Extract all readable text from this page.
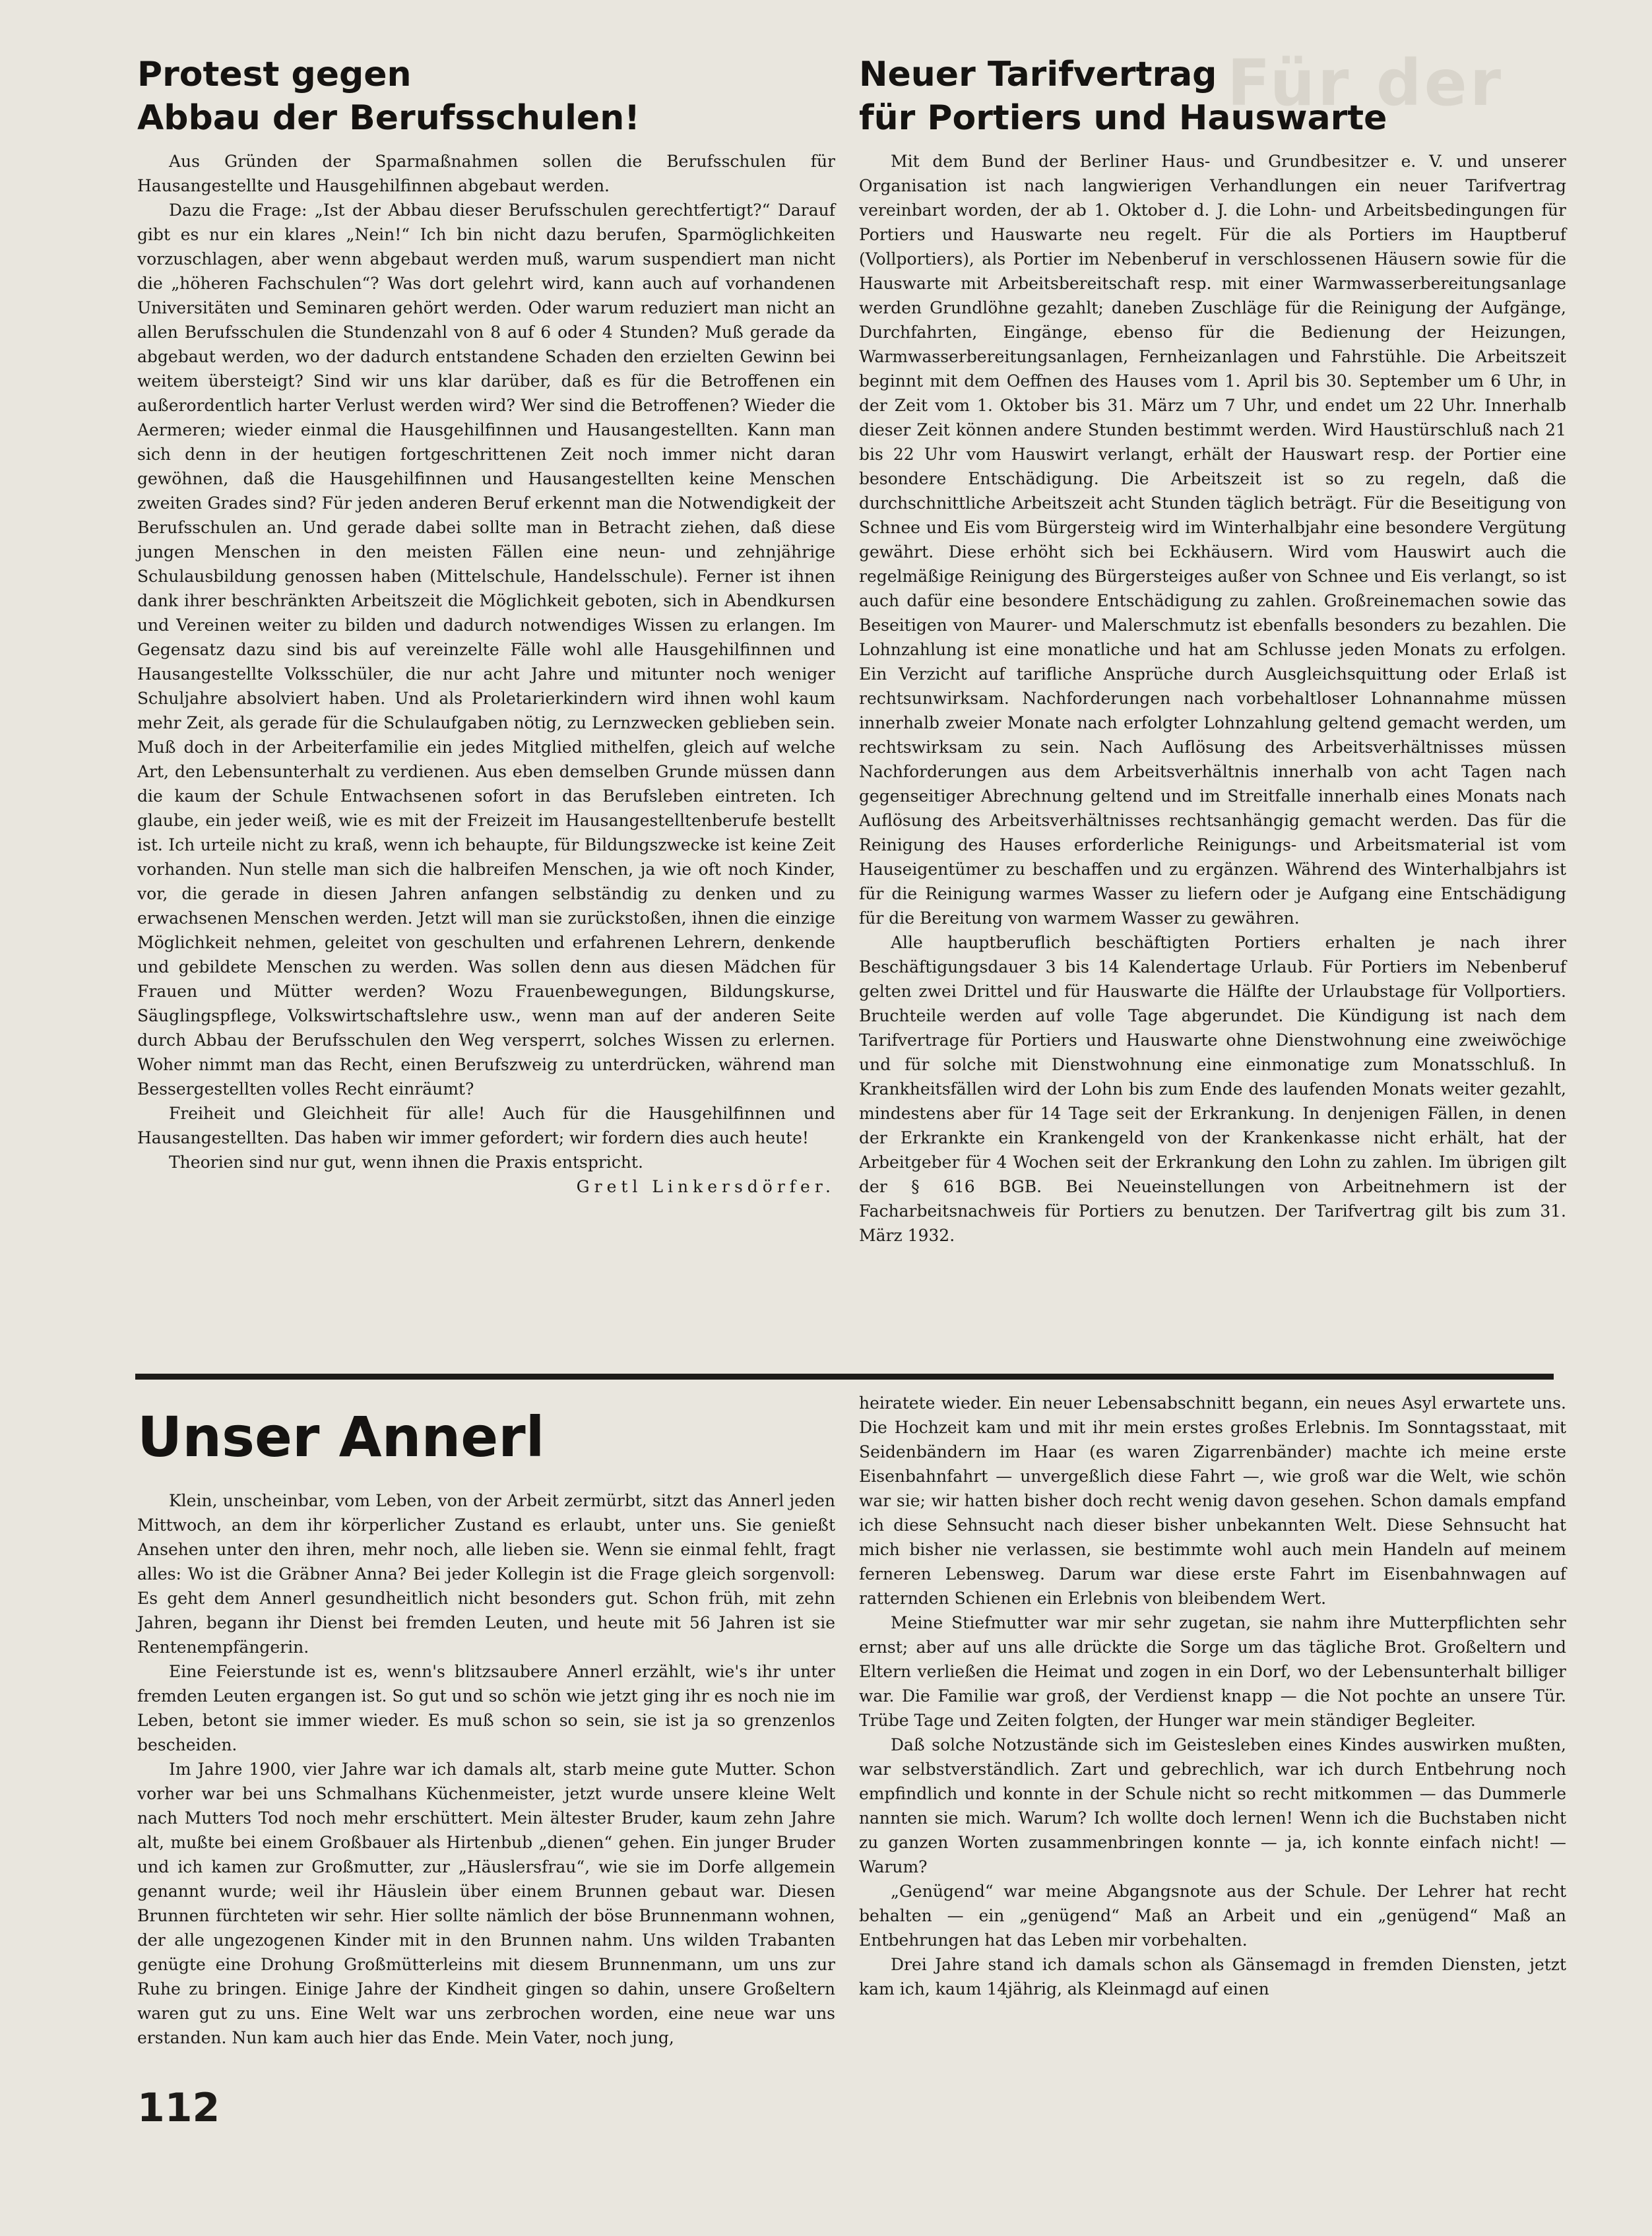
Für der
Protest gegen
Abbau der Berufsschulen!

Aus Gründen der Sparmaßnahmen sollen die Berufsschulen für Hausangestellte und Hausgehilfinnen abgebaut werden.

Dazu die Frage: „Ist der Abbau dieser Berufsschulen gerechtfertigt?“ Darauf gibt es nur ein klares „Nein!“ Ich bin nicht dazu berufen, Sparmöglichkeiten vorzuschlagen, aber wenn abgebaut werden muß, warum suspendiert man nicht die „höheren Fachschulen“? Was dort gelehrt wird, kann auch auf vorhandenen Universitäten und Seminaren gehört werden. Oder warum reduziert man nicht an allen Berufsschulen die Stundenzahl von 8 auf 6 oder 4 Stunden? Muß gerade da abgebaut werden, wo der dadurch entstandene Schaden den erzielten Gewinn bei weitem übersteigt? Sind wir uns klar darüber, daß es für die Betroffenen ein außerordentlich harter Verlust werden wird? Wer sind die Betroffenen? Wieder die Aermeren; wieder einmal die Hausgehilfinnen und Hausangestellten. Kann man sich denn in der heutigen fortgeschrittenen Zeit noch immer nicht daran gewöhnen, daß die Hausgehilfinnen und Hausangestellten keine Menschen zweiten Grades sind? Für jeden anderen Beruf erkennt man die Notwendigkeit der Berufsschulen an. Und gerade dabei sollte man in Betracht ziehen, daß diese jungen Menschen in den meisten Fällen eine neun- und zehnjährige Schulausbildung genossen haben (Mittelschule, Handelsschule). Ferner ist ihnen dank ihrer beschränkten Arbeitszeit die Möglichkeit geboten, sich in Abendkursen und Vereinen weiter zu bilden und dadurch notwendiges Wissen zu erlangen. Im Gegensatz dazu sind bis auf vereinzelte Fälle wohl alle Hausgehilfinnen und Hausangestellte Volksschüler, die nur acht Jahre und mitunter noch weniger Schuljahre absolviert haben. Und als Proletarierkindern wird ihnen wohl kaum mehr Zeit, als gerade für die Schulaufgaben nötig, zu Lernzwecken geblieben sein. Muß doch in der Arbeiterfamilie ein jedes Mitglied mithelfen, gleich auf welche Art, den Lebensunterhalt zu verdienen. Aus eben demselben Grunde müssen dann die kaum der Schule Entwachsenen sofort in das Berufsleben eintreten. Ich glaube, ein jeder weiß, wie es mit der Freizeit im Hausangestelltenberufe bestellt ist. Ich urteile nicht zu kraß, wenn ich behaupte, für Bildungszwecke ist keine Zeit vorhanden. Nun stelle man sich die halbreifen Menschen, ja wie oft noch Kinder, vor, die gerade in diesen Jahren anfangen selbständig zu denken und zu erwachsenen Menschen werden. Jetzt will man sie zurückstoßen, ihnen die einzige Möglichkeit nehmen, geleitet von geschulten und erfahrenen Lehrern, denkende und gebildete Menschen zu werden. Was sollen denn aus diesen Mädchen für Frauen und Mütter werden? Wozu Frauenbewegungen, Bildungskurse, Säuglingspflege, Volkswirtschaftslehre usw., wenn man auf der anderen Seite durch Abbau der Berufsschulen den Weg versperrt, solches Wissen zu erlernen. Woher nimmt man das Recht, einen Berufszweig zu unterdrücken, während man Bessergestellten volles Recht einräumt?

Freiheit und Gleichheit für alle! Auch für die Hausgehilfinnen und Hausangestellten. Das haben wir immer gefordert; wir fordern dies auch heute!

Theorien sind nur gut, wenn ihnen die Praxis entspricht.

Gretl Linkersdörfer.

Neuer Tarifvertrag
für Portiers und Hauswarte

Mit dem Bund der Berliner Haus- und Grundbesitzer e. V. und unserer Organisation ist nach langwierigen Verhandlungen ein neuer Tarifvertrag vereinbart worden, der ab 1. Oktober d. J. die Lohn- und Arbeitsbedingungen für Portiers und Hauswarte neu regelt. Für die als Portiers im Hauptberuf (Vollportiers), als Portier im Nebenberuf in verschlossenen Häusern sowie für die Hauswarte mit Arbeitsbereitschaft resp. mit einer Warmwasserbereitungsanlage werden Grundlöhne gezahlt; daneben Zuschläge für die Reinigung der Aufgänge, Durchfahrten, Eingänge, ebenso für die Bedienung der Heizungen, Warmwasserbereitungsanlagen, Fernheizanlagen und Fahrstühle. Die Arbeitszeit beginnt mit dem Oeffnen des Hauses vom 1. April bis 30. September um 6 Uhr, in der Zeit vom 1. Oktober bis 31. März um 7 Uhr, und endet um 22 Uhr. Innerhalb dieser Zeit können andere Stunden bestimmt werden. Wird Haustürschluß nach 21 bis 22 Uhr vom Hauswirt verlangt, erhält der Hauswart resp. der Portier eine besondere Entschädigung. Die Arbeitszeit ist so zu regeln, daß die durchschnittliche Arbeitszeit acht Stunden täglich beträgt. Für die Beseitigung von Schnee und Eis vom Bürgersteig wird im Winterhalbjahr eine besondere Vergütung gewährt. Diese erhöht sich bei Eckhäusern. Wird vom Hauswirt auch die regelmäßige Reinigung des Bürgersteiges außer von Schnee und Eis verlangt, so ist auch dafür eine besondere Entschädigung zu zahlen. Großreinemachen sowie das Beseitigen von Maurer- und Malerschmutz ist ebenfalls besonders zu bezahlen. Die Lohnzahlung ist eine monatliche und hat am Schlusse jeden Monats zu erfolgen. Ein Verzicht auf tarifliche Ansprüche durch Ausgleichsquittung oder Erlaß ist rechtsunwirksam. Nachforderungen nach vorbehaltloser Lohnannahme müssen innerhalb zweier Monate nach erfolgter Lohnzahlung geltend gemacht werden, um rechtswirksam zu sein. Nach Auflösung des Arbeitsverhältnisses müssen Nachforderungen aus dem Arbeitsverhältnis innerhalb von acht Tagen nach gegenseitiger Abrechnung geltend und im Streitfalle innerhalb eines Monats nach Auflösung des Arbeitsverhältnisses rechtsanhängig gemacht werden. Das für die Reinigung des Hauses erforderliche Reinigungs- und Arbeitsmaterial ist vom Hauseigentümer zu beschaffen und zu ergänzen. Während des Winterhalbjahrs ist für die Reinigung warmes Wasser zu liefern oder je Aufgang eine Entschädigung für die Bereitung von warmem Wasser zu gewähren.

Alle hauptberuflich beschäftigten Portiers erhalten je nach ihrer Beschäftigungsdauer 3 bis 14 Kalendertage Urlaub. Für Portiers im Nebenberuf gelten zwei Drittel und für Hauswarte die Hälfte der Urlaubstage für Vollportiers. Bruchteile werden auf volle Tage abgerundet. Die Kündigung ist nach dem Tarifvertrage für Portiers und Hauswarte ohne Dienstwohnung eine zweiwöchige und für solche mit Dienstwohnung eine einmonatige zum Monatsschluß. In Krankheitsfällen wird der Lohn bis zum Ende des laufenden Monats weiter gezahlt, mindestens aber für 14 Tage seit der Erkrankung. In denjenigen Fällen, in denen der Erkrankte ein Krankengeld von der Krankenkasse nicht erhält, hat der Arbeitgeber für 4 Wochen seit der Erkrankung den Lohn zu zahlen. Im übrigen gilt der § 616 BGB. Bei Neueinstellungen von Arbeitnehmern ist der Facharbeitsnachweis für Portiers zu benutzen. Der Tarifvertrag gilt bis zum 31. März 1932.

Unser Annerl

Klein, unscheinbar, vom Leben, von der Arbeit zermürbt, sitzt das Annerl jeden Mittwoch, an dem ihr körperlicher Zustand es erlaubt, unter uns. Sie genießt Ansehen unter den ihren, mehr noch, alle lieben sie. Wenn sie einmal fehlt, fragt alles: Wo ist die Gräbner Anna? Bei jeder Kollegin ist die Frage gleich sorgenvoll: Es geht dem Annerl gesundheitlich nicht besonders gut. Schon früh, mit zehn Jahren, begann ihr Dienst bei fremden Leuten, und heute mit 56 Jahren ist sie Rentenempfängerin.

Eine Feierstunde ist es, wenn's blitzsaubere Annerl erzählt, wie's ihr unter fremden Leuten ergangen ist. So gut und so schön wie jetzt ging ihr es noch nie im Leben, betont sie immer wieder. Es muß schon so sein, sie ist ja so grenzenlos bescheiden.

Im Jahre 1900, vier Jahre war ich damals alt, starb meine gute Mutter. Schon vorher war bei uns Schmalhans Küchenmeister, jetzt wurde unsere kleine Welt nach Mutters Tod noch mehr erschüttert. Mein ältester Bruder, kaum zehn Jahre alt, mußte bei einem Großbauer als Hirtenbub „dienen“ gehen. Ein junger Bruder und ich kamen zur Großmutter, zur „Häuslersfrau“, wie sie im Dorfe allgemein genannt wurde; weil ihr Häuslein über einem Brunnen gebaut war. Diesen Brunnen fürchteten wir sehr. Hier sollte nämlich der böse Brunnenmann wohnen, der alle ungezogenen Kinder mit in den Brunnen nahm. Uns wilden Trabanten genügte eine Drohung Großmütterleins mit diesem Brunnenmann, um uns zur Ruhe zu bringen. Einige Jahre der Kindheit gingen so dahin, unsere Großeltern waren gut zu uns. Eine Welt war uns zerbrochen worden, eine neue war uns erstanden. Nun kam auch hier das Ende. Mein Vater, noch jung,

heiratete wieder. Ein neuer Lebensabschnitt begann, ein neues Asyl erwartete uns. Die Hochzeit kam und mit ihr mein erstes großes Erlebnis. Im Sonntagsstaat, mit Seidenbändern im Haar (es waren Zigarrenbänder) machte ich meine erste Eisenbahnfahrt — unvergeßlich diese Fahrt —, wie groß war die Welt, wie schön war sie; wir hatten bisher doch recht wenig davon gesehen. Schon damals empfand ich diese Sehnsucht nach dieser bisher unbekannten Welt. Diese Sehnsucht hat mich bisher nie verlassen, sie bestimmte wohl auch mein Handeln auf meinem ferneren Lebensweg. Darum war diese erste Fahrt im Eisenbahnwagen auf ratternden Schienen ein Erlebnis von bleibendem Wert.

Meine Stiefmutter war mir sehr zugetan, sie nahm ihre Mutterpflichten sehr ernst; aber auf uns alle drückte die Sorge um das tägliche Brot. Großeltern und Eltern verließen die Heimat und zogen in ein Dorf, wo der Lebensunterhalt billiger war. Die Familie war groß, der Verdienst knapp — die Not pochte an unsere Tür. Trübe Tage und Zeiten folgten, der Hunger war mein ständiger Begleiter.

Daß solche Notzustände sich im Geistesleben eines Kindes auswirken mußten, war selbstverständlich. Zart und gebrechlich, war ich durch Entbehrung noch empfindlich und konnte in der Schule nicht so recht mitkommen — das Dummerle nannten sie mich. Warum? Ich wollte doch lernen! Wenn ich die Buchstaben nicht zu ganzen Worten zusammenbringen konnte — ja, ich konnte einfach nicht! — Warum?

„Genügend“ war meine Abgangsnote aus der Schule. Der Lehrer hat recht behalten — ein „genügend“ Maß an Arbeit und ein „genügend“ Maß an Entbehrungen hat das Leben mir vorbehalten.

Drei Jahre stand ich damals schon als Gänsemagd in fremden Diensten, jetzt kam ich, kaum 14jährig, als Kleinmagd auf einen

112
